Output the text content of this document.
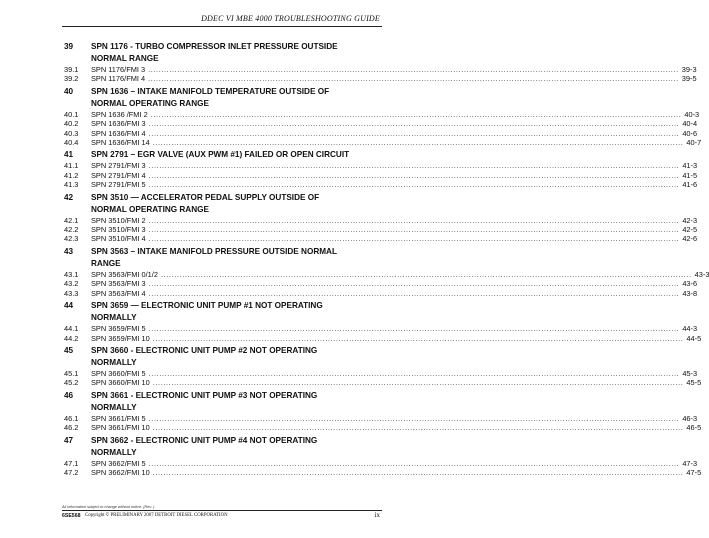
DDEC VI MBE 4000 TROUBLESHOOTING GUIDE
39 SPN 1176 - TURBO COMPRESSOR INLET PRESSURE OUTSIDE NORMAL RANGE
39.1	SPN 1176/FMI 3 ........................................................................................................................................................................................................ 39-3
39.2	SPN 1176/FMI 4 ........................................................................................................................................................................................................ 39-5
40 SPN 1636 – INTAKE MANIFOLD TEMPERATURE OUTSIDE OF NORMAL OPERATING RANGE
40.1	SPN 1636 /FMI 2 ........................................................................................................................................................................................................ 40-3
40.2	SPN 1636/FMI 3 ........................................................................................................................................................................................................ 40-4
40.3	SPN 1636/FMI 4 ........................................................................................................................................................................................................ 40-6
40.4	SPN 1636/FMI 14 ........................................................................................................................................................................................................ 40-7
41 SPN 2791 – EGR VALVE (AUX PWM #1) FAILED OR OPEN CIRCUIT
41.1	SPN 2791/FMI 3 ........................................................................................................................................................................................................ 41-3
41.2	SPN 2791/FMI 4 ........................................................................................................................................................................................................ 41-5
41.3	SPN 2791/FMI 5 ........................................................................................................................................................................................................ 41-6
42 SPN 3510 — ACCELERATOR PEDAL SUPPLY OUTSIDE OF NORMAL OPERATING RANGE
42.1	SPN 3510/FMI 2 ........................................................................................................................................................................................................ 42-3
42.2	SPN 3510/FMI 3 ........................................................................................................................................................................................................ 42-5
42.3	SPN 3510/FMI 4 ........................................................................................................................................................................................................ 42-6
43 SPN 3563 – INTAKE MANIFOLD PRESSURE OUTSIDE NORMAL RANGE
43.1	SPN 3563/FMI 0/1/2 ........................................................................................................................................................................................................ 43-3
43.2	SPN 3563/FMI 3 ........................................................................................................................................................................................................ 43-6
43.3	SPN 3563/FMI 4 ........................................................................................................................................................................................................ 43-8
44 SPN 3659 — ELECTRONIC UNIT PUMP #1 NOT OPERATING NORMALLY
44.1	SPN 3659/FMI 5 ........................................................................................................................................................................................................ 44-3
44.2	SPN 3659/FMI 10 ........................................................................................................................................................................................................ 44-5
45 SPN 3660 - ELECTRONIC UNIT PUMP #2 NOT OPERATING NORMALLY
45.1	SPN 3660/FMI 5 ........................................................................................................................................................................................................ 45-3
45.2	SPN 3660/FMI 10 ........................................................................................................................................................................................................ 45-5
46 SPN 3661 - ELECTRONIC UNIT PUMP #3 NOT OPERATING NORMALLY
46.1	SPN 3661/FMI 5 ........................................................................................................................................................................................................ 46-3
46.2	SPN 3661/FMI 10 ........................................................................................................................................................................................................ 46-5
47 SPN 3662 - ELECTRONIC UNIT PUMP #4 NOT OPERATING NORMALLY
47.1	SPN 3662/FMI 5 ........................................................................................................................................................................................................ 47-3
47.2	SPN 3662/FMI 10 ........................................................................................................................................................................................................ 47-5
All information subject to change without notice. (Rev. )
6SE568 Copyright © PRELIMINARY 2007 DETROIT DIESEL CORPORATION	ix
